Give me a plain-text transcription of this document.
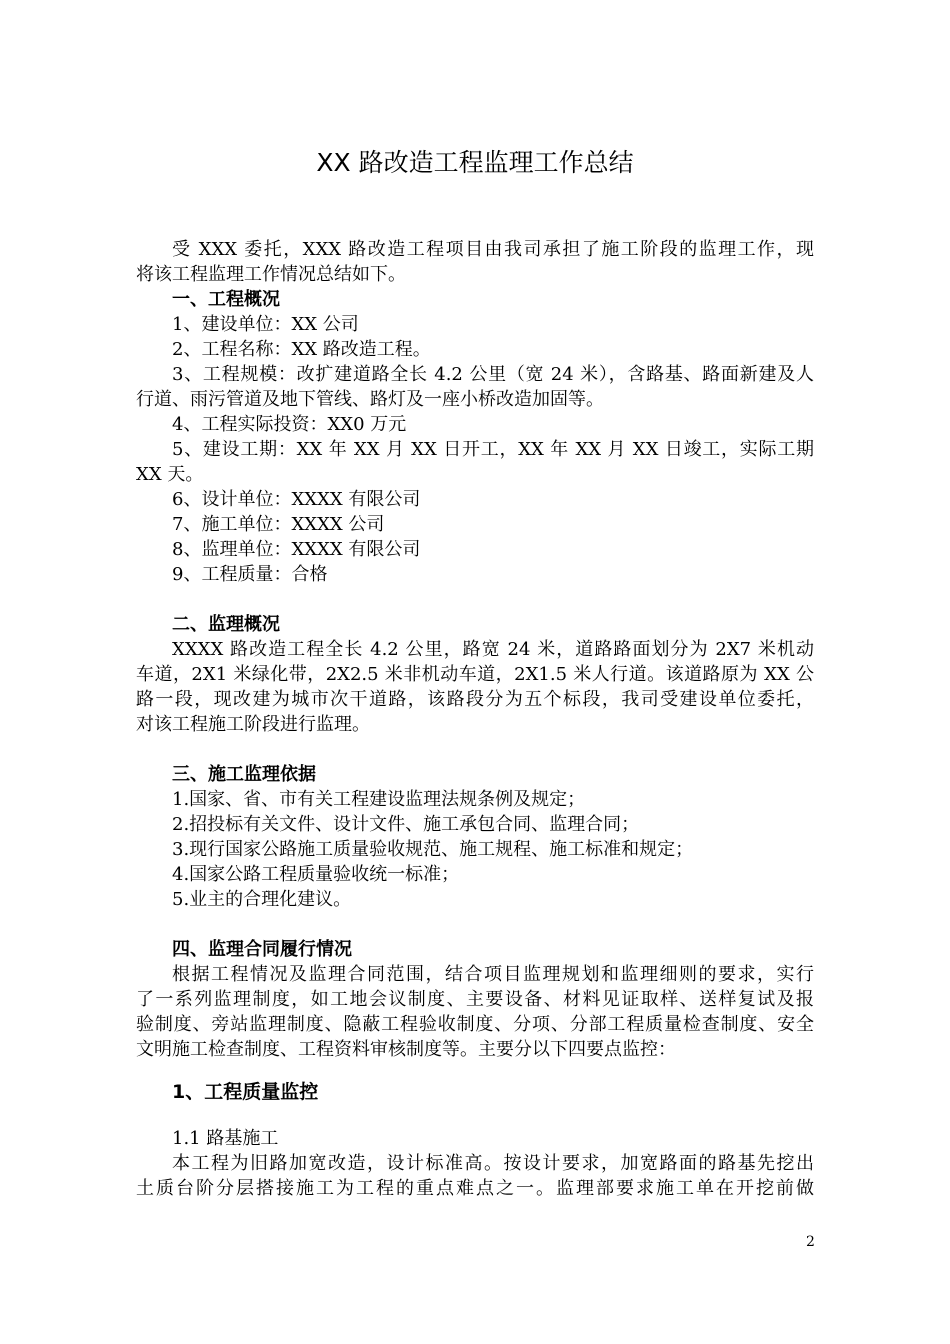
XX 路改造工程监理工作总结
受 XXX 委托，XXX 路改造工程项目由我司承担了施工阶段的监理工作，现
将该工程监理工作情况总结如下。
一、工程概况
1、建设单位：XX 公司
2、工程名称：XX 路改造工程。
3、工程规模：改扩建道路全长 4.2 公里（宽 24 米），含路基、路面新建及人
行道、雨污管道及地下管线、路灯及一座小桥改造加固等。
4、工程实际投资：XX0 万元
5、建设工期：XX 年 XX 月 XX 日开工，XX 年 XX 月 XX 日竣工，实际工期
XX 天。
6、设计单位：XXXX 有限公司
7、施工单位：XXXX 公司
8、监理单位：XXXX 有限公司
9、工程质量：合格
二、监理概况
XXXX 路改造工程全长 4.2 公里，路宽 24 米，道路路面划分为 2X7 米机动
车道，2X1 米绿化带，2X2.5 米非机动车道，2X1.5 米人行道。该道路原为 XX 公
路一段，现改建为城市次干道路，该路段分为五个标段，我司受建设单位委托，
对该工程施工阶段进行监理。
三、施工监理依据
1.国家、省、市有关工程建设监理法规条例及规定；
2.招投标有关文件、设计文件、施工承包合同、监理合同；
3.现行国家公路施工质量验收规范、施工规程、施工标准和规定；
4.国家公路工程质量验收统一标准；
5.业主的合理化建议。
四、监理合同履行情况
根据工程情况及监理合同范围，结合项目监理规划和监理细则的要求，实行
了一系列监理制度，如工地会议制度、主要设备、材料见证取样、送样复试及报
验制度、旁站监理制度、隐蔽工程验收制度、分项、分部工程质量检查制度、安全
文明施工检查制度、工程资料审核制度等。主要分以下四要点监控：
1、工程质量监控
1.1 路基施工
本工程为旧路加宽改造，设计标准高。按设计要求，加宽路面的路基先挖出
土质台阶分层搭接施工为工程的重点难点之一。监理部要求施工单在开挖前做
2
